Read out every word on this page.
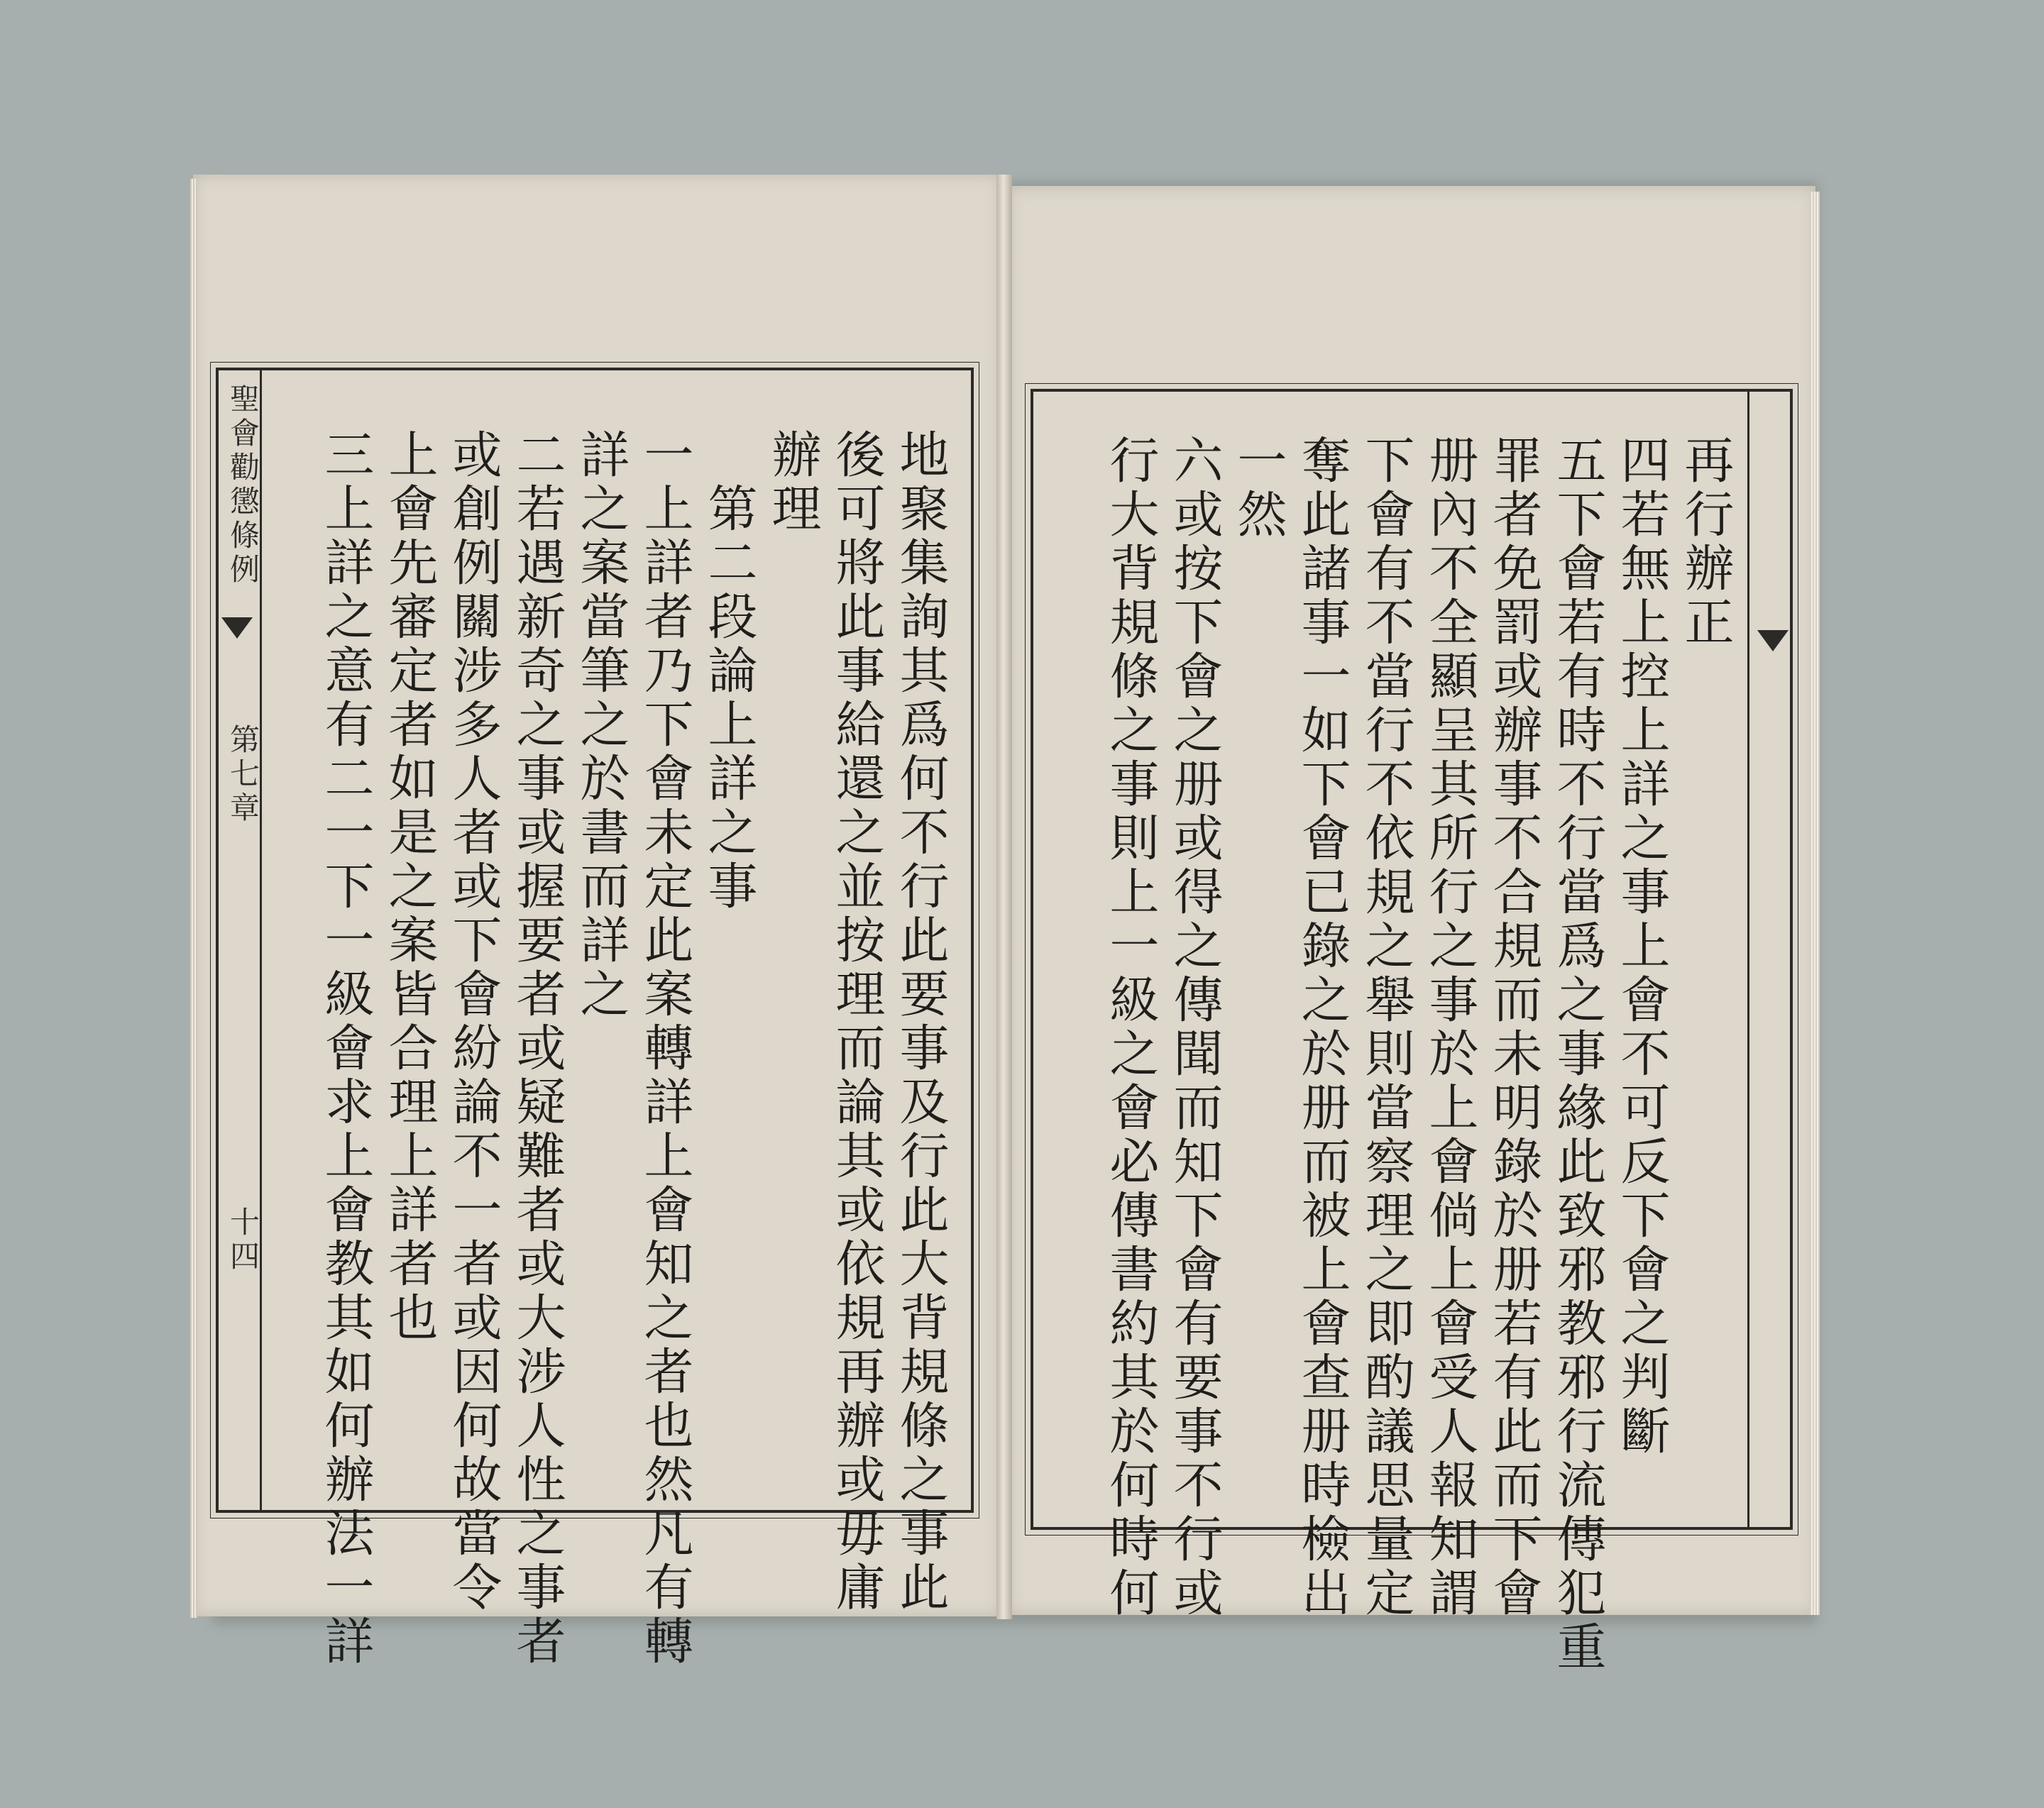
聖會勸懲條例
第七章
十四	地聚集詢其爲何不行此要事及行此大背規條之事此
後可將此事給還之並按理而論其或依規再辦或毋庸
辦理
第二段論上詳之事
一上詳者乃下會未定此案轉詳上會知之者也然凡有轉
詳之案當筆之於書而詳之
二若遇新奇之事或握要者或疑難者或大涉人性之事者
或創例關涉多人者或下會紛論不一者或因何故當令
上會先審定者如是之案皆合理上詳者也
三上詳之意有二一下一級會求上會教其如何辦法一詳	再行辦正
四若無上控上詳之事上會不可反下會之判斷
五下會若有時不行當爲之事緣此致邪教邪行流傳犯重
罪者免罰或辦事不合規而未明錄於册若有此而下會
册內不全顯呈其所行之事於上會倘上會受人報知謂
下會有不當行不依規之舉則當察理之即酌議思量定
奪此諸事一如下會已錄之於册而被上會查册時檢出
一然
六或按下會之册或得之傳聞而知下會有要事不行或
行大背規條之事則上一級之會必傳書約其於何時何
